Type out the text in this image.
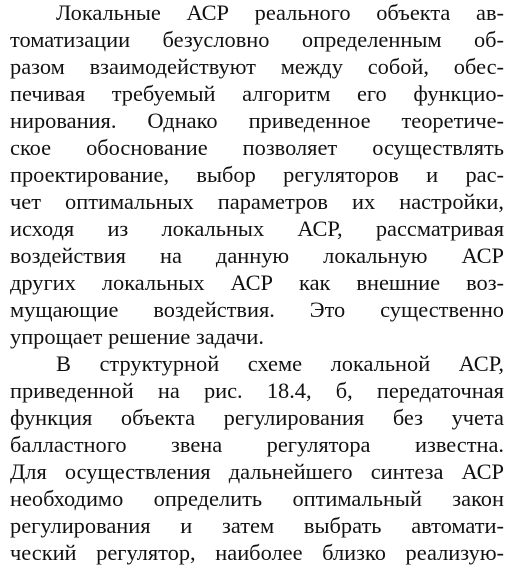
Локальные АСР реального объекта ав-
томатизации безусловно определенным об-
разом взаимодействуют между собой, обес-
печивая требуемый алгоритм его функцио-
нирования. Однако приведенное теоретиче-
ское обоснование позволяет осуществлять
проектирование, выбор регуляторов и рас-
чет оптимальных параметров их настройки,
исходя из локальных АСР, рассматривая
воздействия на данную локальную АСР
других локальных АСР как внешние воз-
мущающие воздействия. Это существенно
упрощает решение задачи.
В структурной схеме локальной АСР,
приведенной на рис. 18.4, б, передаточная
функция объекта регулирования без учета
балластного звена регулятора известна.
Для осуществления дальнейшего синтеза АСР
необходимо определить оптимальный закон
регулирования и затем выбрать автомати-
ческий регулятор, наиболее близко реализую-
